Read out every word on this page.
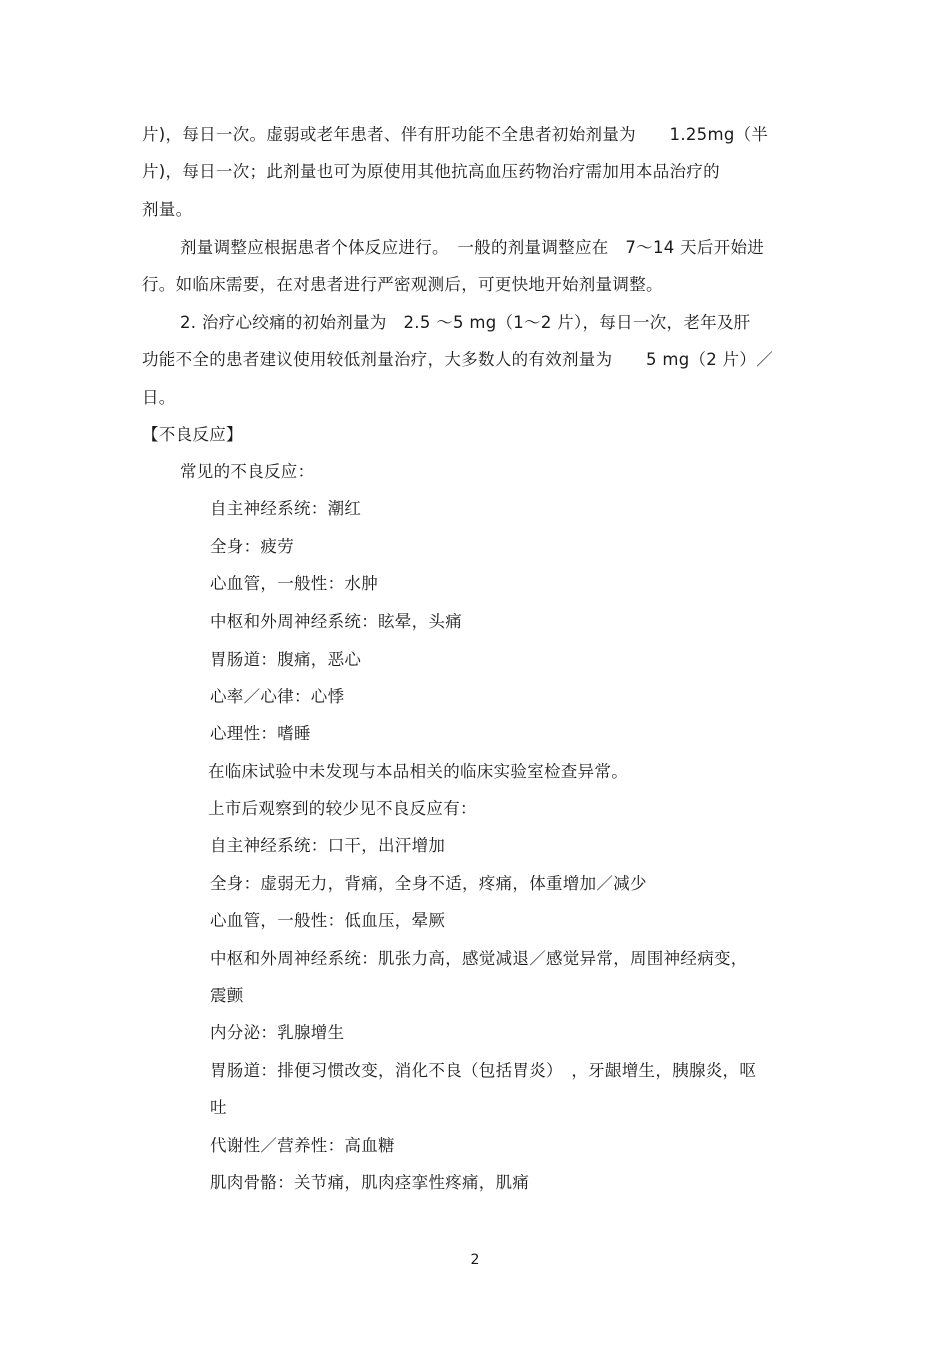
片)，每日一次。虚弱或老年患者、伴有肝功能不全患者初始剂量为　　1.25mg（半
片)，每日一次；此剂量也可为原使用其他抗高血压药物治疗需加用本品治疗的
剂量。
剂量调整应根据患者个体反应进行。　一般的剂量调整应在　7～14 天后开始进
行。如临床需要，在对患者进行严密观测后，可更快地开始剂量调整。
2. 治疗心绞痛的初始剂量为　2.5 ～5 mg（1～2 片），每日一次，老年及肝
功能不全的患者建议使用较低剂量治疗，大多数人的有效剂量为　　5 mg（2 片）／
日。
【不良反应】
常见的不良反应：
自主神经系统：潮红
全身：疲劳
心血管，一般性：水肿
中枢和外周神经系统：眩晕，头痛
胃肠道：腹痛，恶心
心率／心律：心悸
心理性：嗜睡
在临床试验中未发现与本品相关的临床实验室检查异常。
上市后观察到的较少见不良反应有：
自主神经系统：口干，出汗增加
全身：虚弱无力，背痛，全身不适，疼痛，体重增加／减少
心血管，一般性：低血压，晕厥
中枢和外周神经系统：肌张力高，感觉减退／感觉异常，周围神经病变，
震颤
内分泌：乳腺增生
胃肠道：排便习惯改变，消化不良（包括胃炎）　，牙龈增生，胰腺炎，呕
吐
代谢性／营养性：高血糖
肌肉骨骼：关节痛，肌肉痉挛性疼痛，肌痛
2
